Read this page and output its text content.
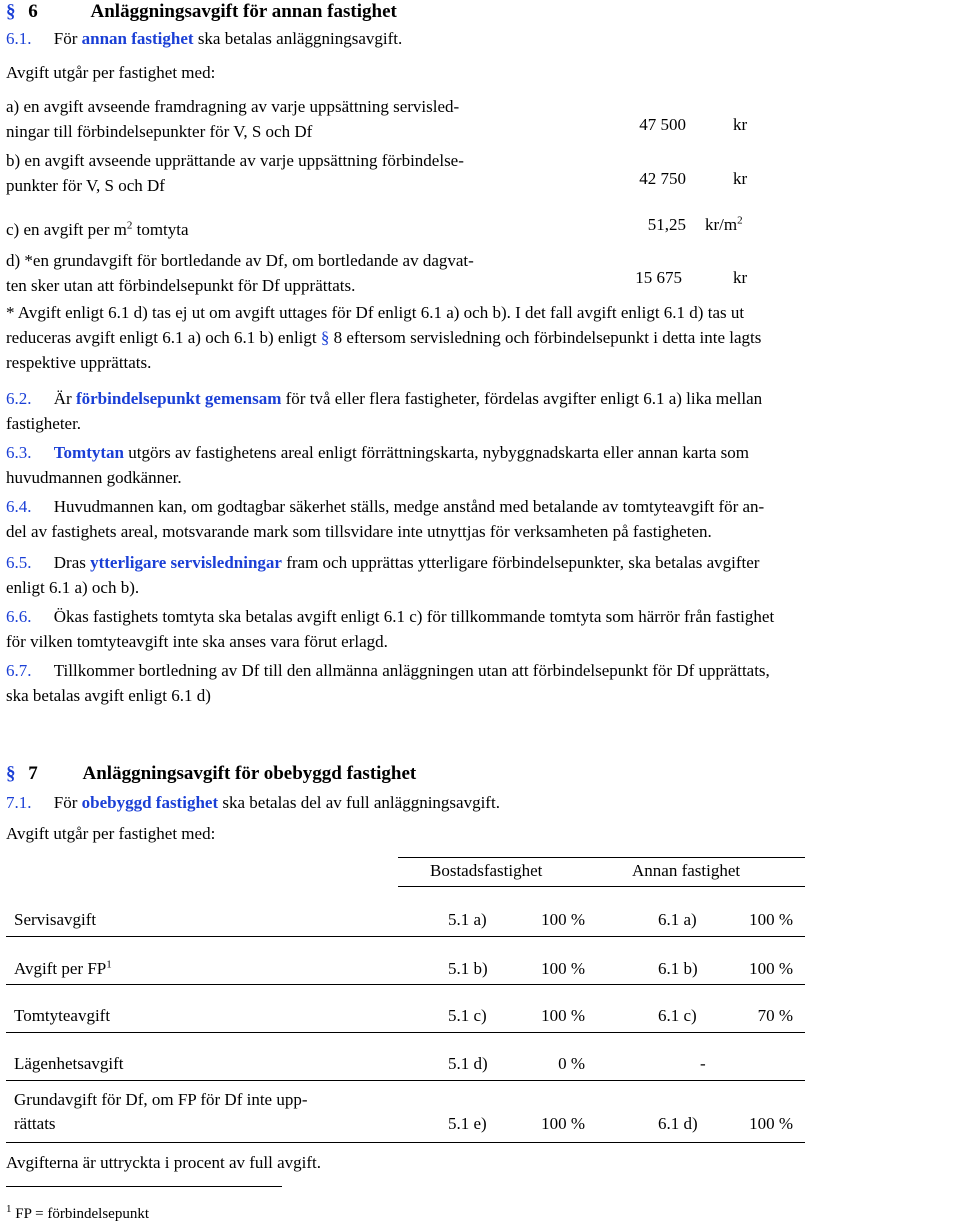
§ 6	Anläggningsavgift för annan fastighet
6.1. För annan fastighet ska betalas anläggningsavgift.
Avgift utgår per fastighet med:
a) en avgift avseende framdragning av varje uppsättning servisled-
ningar till förbindelsepunkter för V, S och Df	47 500	kr
b) en avgift avseende upprättande av varje uppsättning förbindelse-
punkter för V, S och Df	42 750	kr
c) en avgift per $m^2$ tomtyta	51,25 $kr/m^2$
d) *en grundavgift för bortledande av Df, om bortledande av dagvat-
ten sker utan att förbindelsepunkt för Df upprättats.	15 675	kr
* Avgift enligt 6.1 d) tas ej ut om avgift uttages för Df enligt 6.1 a) och b). I det fall avgift enligt 6.1 d) tas ut
reduceras avgift enligt 6.1 a) och 6.1 b) enligt § 8 eftersom servisledning och förbindelsepunkt i detta inte lagts
respektive upprättats.
6.2. Är förbindelsepunkt gemensam för två eller flera fastigheter, fördelas avgifter enligt 6.1 a) lika mellan
fastigheter.
6.3. Tomtytan utgörs av fastighetens areal enligt förrättningskarta, nybyggnadskarta eller annan karta som
huvudmannen godkänner.
6.4. Huvudmannen kan, om godtagbar säkerhet ställs, medge anstånd med betalande av tomtyteavgift för an-
del av fastighets areal, motsvarande mark som tillsvidare inte utnyttjas för verksamheten på fastigheten.
6.5. Dras ytterligare servisledningar fram och upprättas ytterligare förbindelsepunkter, ska betalas avgifter
enligt 6.1 a) och b).
6.6. Ökas fastighets tomtyta ska betalas avgift enligt 6.1 c) för tillkommande tomtyta som härrör från fastighet
för vilken tomtyteavgift inte ska anses vara förut erlagd.
6.7. Tillkommer bortledning av Df till den allmänna anläggningen utan att förbindelsepunkt för Df upprättats,
ska betalas avgift enligt 6.1 d)
§ 7 Anläggningsavgift för obebyggd fastighet
7.1. För obebyggd fastighet ska betalas del av full anläggningsavgift.
Avgift utgår per fastighet med:
Bostadsfastighet	Annan fastighet
Servisavgift	5.1 a)	100 %	6.1 a)	100 %
Avgift per $FP^1$	5.1 b)	100 %	6.1 b)	100 %
Tomtyteavgift	5.1 c)	100 %	6.1 c)	70 %
Lägenhetsavgift	5.1 d)	0 %	-
Grundavgift för Df, om FP för Df inte upp-
rättats	5.1 e)	100 %	6.1 d)	100 %
Avgifterna är uttryckta i procent av full avgift.
$^1$ FP = förbindelsepunkt
